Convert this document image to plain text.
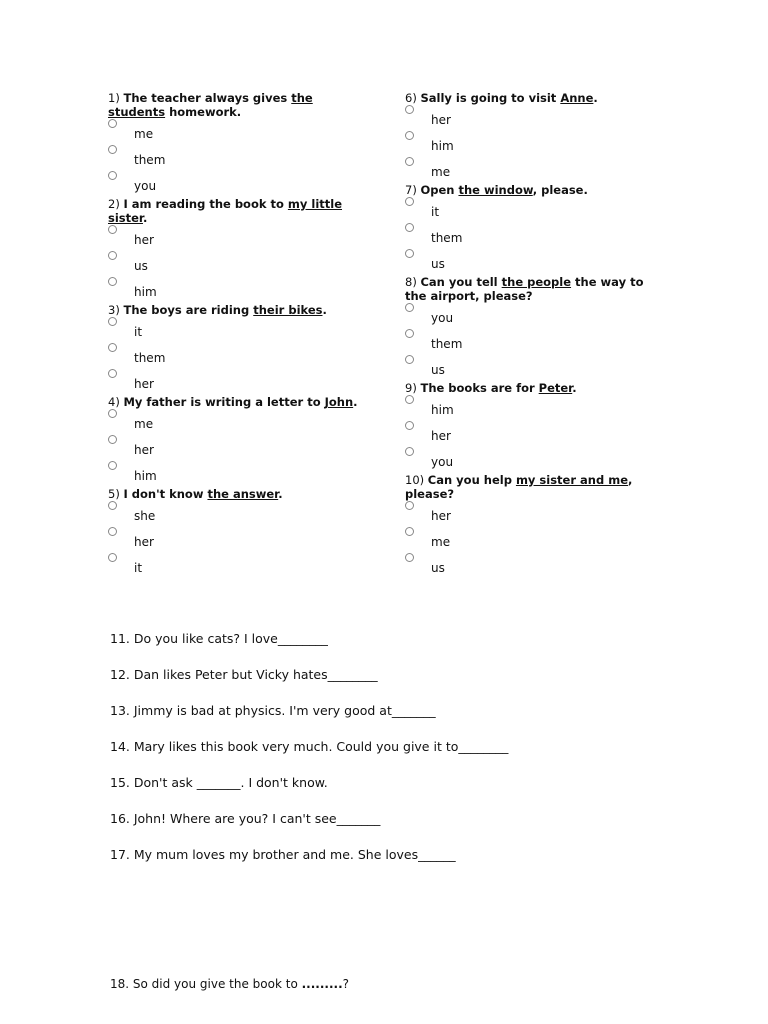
1) The teacher always gives the students homework.
me
them
you
2) I am reading the book to my little sister.
her
us
him
3) The boys are riding their bikes.
it
them
her
4) My father is writing a letter to John.
me
her
him
5) I don't know the answer.
she
her
it
6) Sally is going to visit Anne.
her
him
me
7) Open the window, please.
it
them
us
8) Can you tell the people the way to the airport, please?
you
them
us
9) The books are for Peter.
him
her
you
10) Can you help my sister and me, please?
her
me
us
11. Do you like cats? I love________
12. Dan likes Peter but Vicky hates________
13. Jimmy is bad at physics. I'm very good at_______
14. Mary likes this book very much. Could you give it to________
15. Don't ask _______. I don't know.
16. John! Where are you? I can't see_______
17. My mum loves my brother and me. She loves______
18. So did you give the book to .........?
